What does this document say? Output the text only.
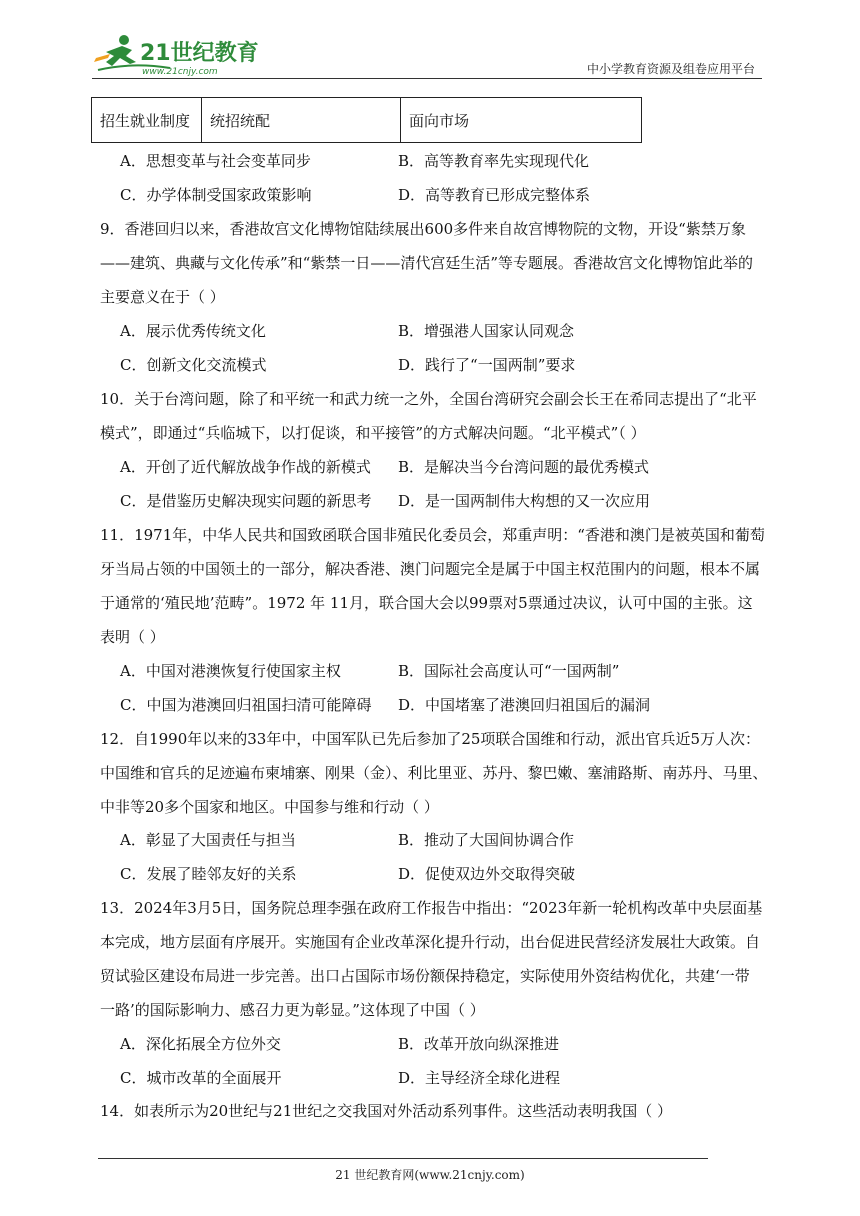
21世纪教育
www.21cnjy.com	中小学教育资源及组卷应用平台
招生就业制度	统招统配	面向市场
A．思想变革与社会变革同步	B．高等教育率先实现现代化
C．办学体制受国家政策影响	D．高等教育已形成完整体系
9．香港回归以来，香港故宫文化博物馆陆续展出600多件来自故宫博物院的文物，开设“紫禁万象
——建筑、典藏与文化传承”和“紫禁一日——清代宫廷生活”等专题展。香港故宫文化博物馆此举的
主要意义在于（ ）
A．展示优秀传统文化	B．增强港人国家认同观念
C．创新文化交流模式	D．践行了“一国两制”要求
10．关于台湾问题，除了和平统一和武力统一之外，全国台湾研究会副会长王在希同志提出了“北平
模式”，即通过“兵临城下，以打促谈，和平接管”的方式解决问题。“北平模式”（ ）
A．开创了近代解放战争作战的新模式 B．是解决当今台湾问题的最优秀模式
C．是借鉴历史解决现实问题的新思考 D．是一国两制伟大构想的又一次应用
11．1971年，中华人民共和国致函联合国非殖民化委员会，郑重声明：“香港和澳门是被英国和葡萄
牙当局占领的中国领土的一部分，解决香港、澳门问题完全是属于中国主权范围内的问题，根本不属
于通常的‘殖民地’范畴”。1972 年 11月，联合国大会以99票对5票通过决议，认可中国的主张。这
表明（ ）
A．中国对港澳恢复行使国家主权	B．国际社会高度认可“一国两制”
C．中国为港澳回归祖国扫清可能障碍 D．中国堵塞了港澳回归祖国后的漏洞
12．自1990年以来的33年中，中国军队已先后参加了25项联合国维和行动，派出官兵近5万人次：
中国维和官兵的足迹遍布柬埔寨、刚果（金）、利比里亚、苏丹、黎巴嫩、塞浦路斯、南苏丹、马里、
中非等20多个国家和地区。中国参与维和行动（ ）
A．彰显了大国责任与担当	B．推动了大国间协调合作
C．发展了睦邻友好的关系	D．促使双边外交取得突破
13．2024年3月5日，国务院总理李强在政府工作报告中指出：“2023年新一轮机构改革中央层面基
本完成，地方层面有序展开。实施国有企业改革深化提升行动，出台促进民营经济发展壮大政策。自
贸试验区建设布局进一步完善。出口占国际市场份额保持稳定，实际使用外资结构优化，共建‘一带
一路’的国际影响力、感召力更为彰显。”这体现了中国（ ）
A．深化拓展全方位外交	B．改革开放向纵深推进
C．城市改革的全面展开	D．主导经济全球化进程
14．如表所示为20世纪与21世纪之交我国对外活动系列事件。这些活动表明我国（ ）
21 世纪教育网(www.21cnjy.com)
